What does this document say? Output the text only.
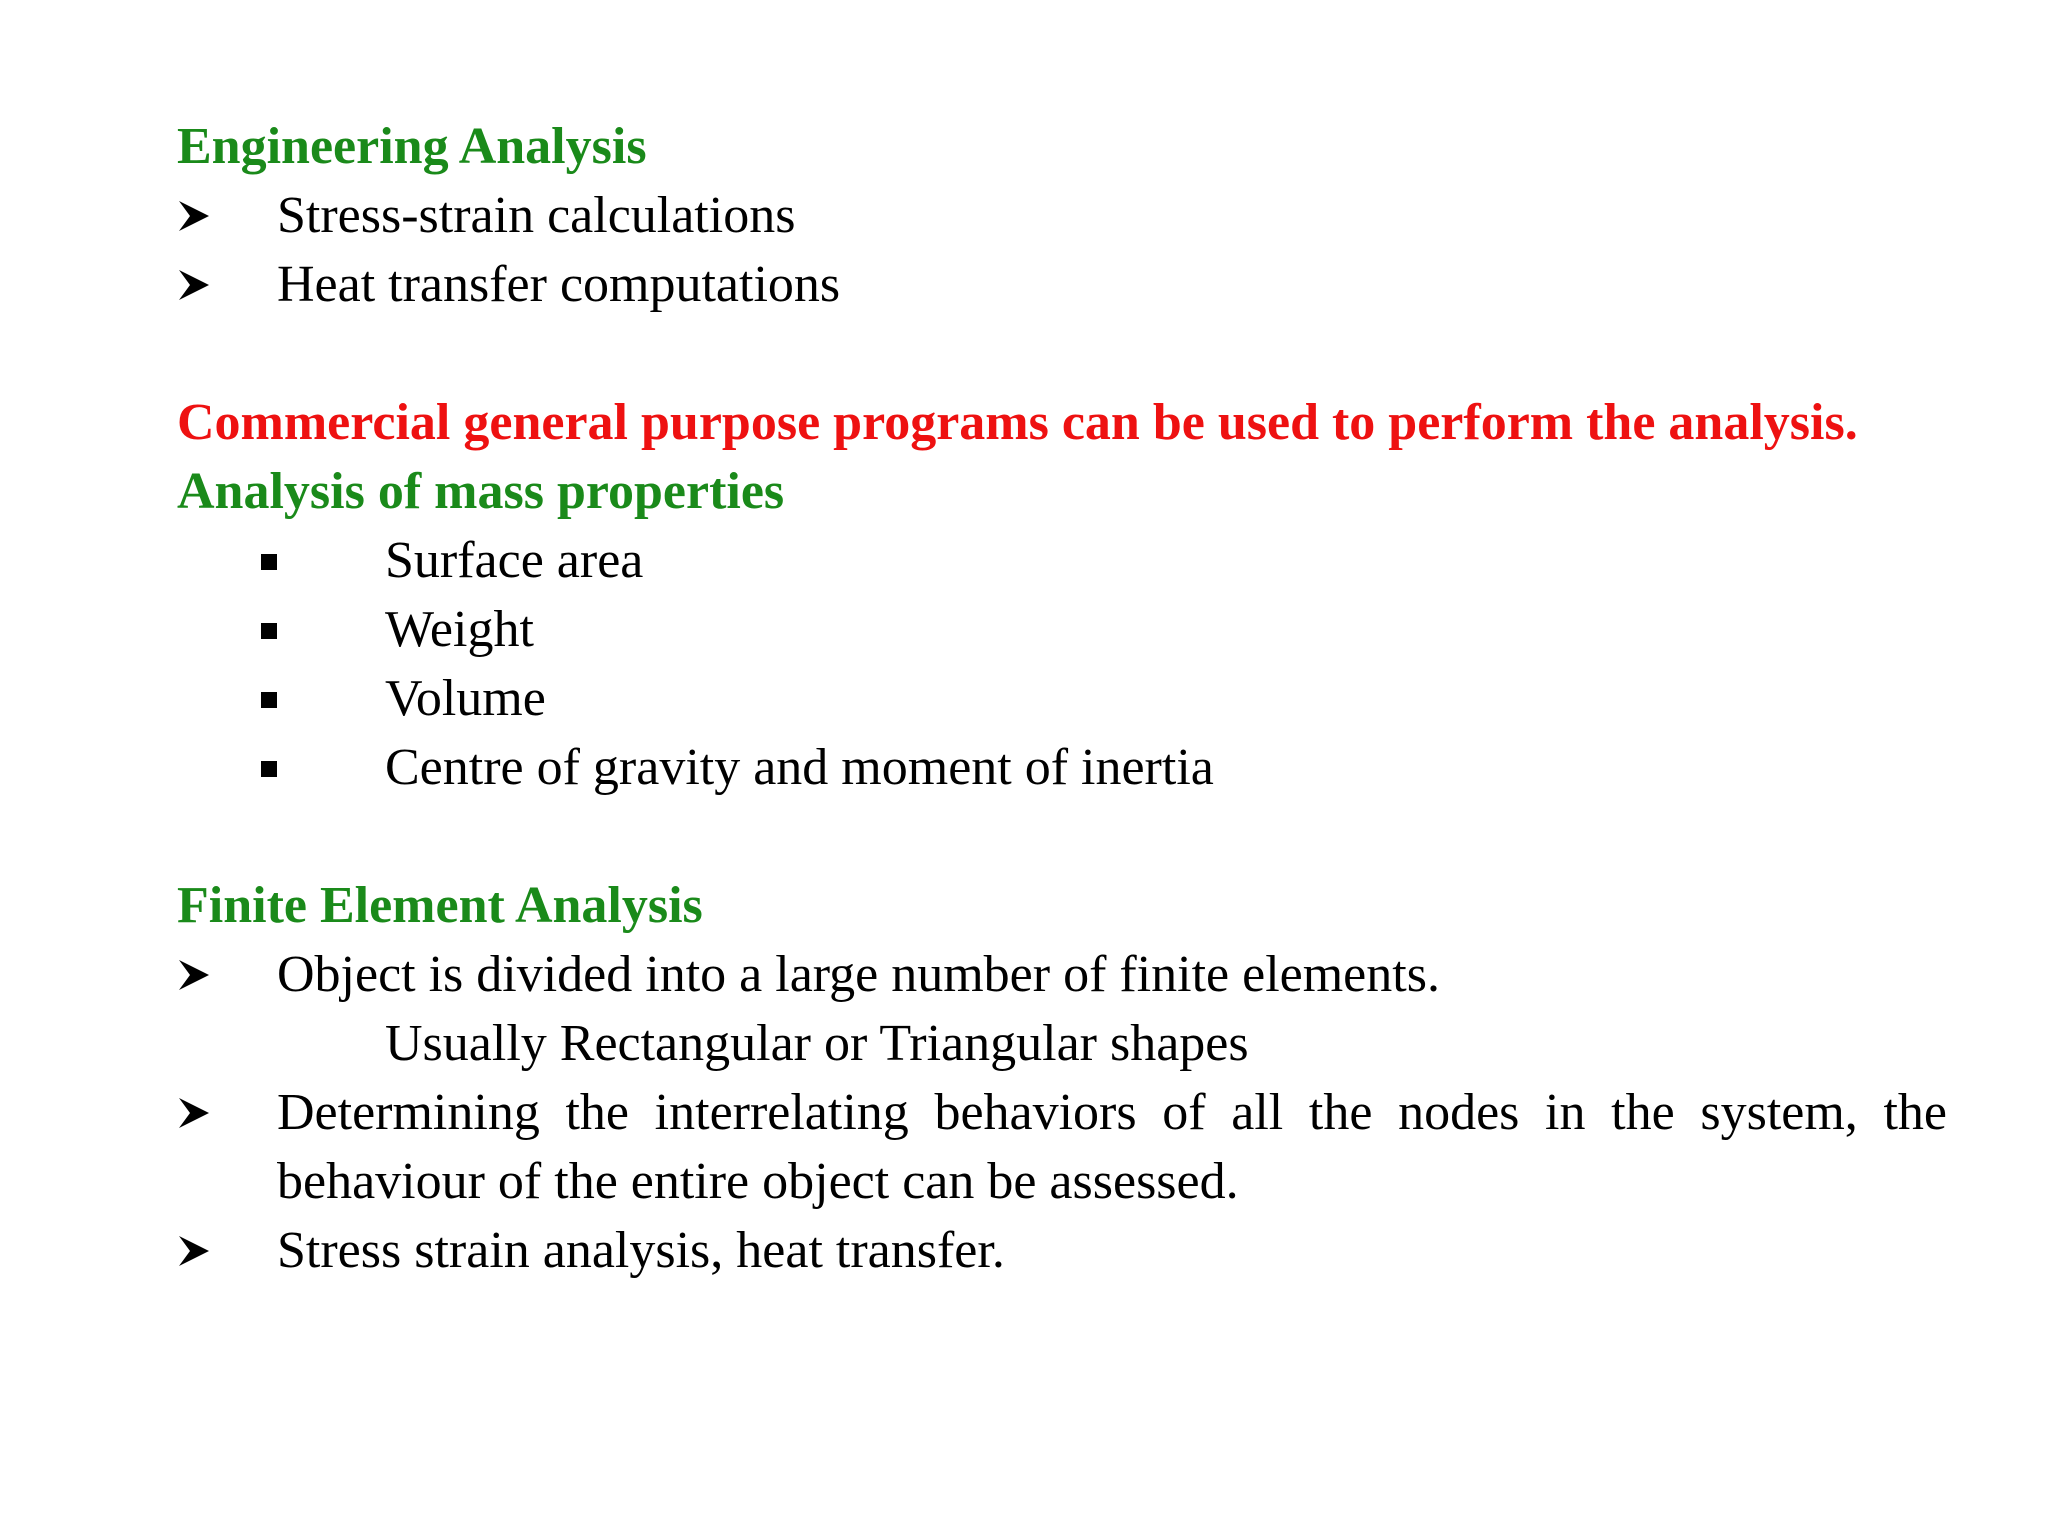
Engineering Analysis

Stress-strain calculations
Heat transfer computations

Commercial general purpose programs can be used to perform the analysis.

Analysis of mass properties

Surface area
Weight
Volume
Centre of gravity and moment of inertia

Finite Element Analysis

Object is divided into a large number of finite elements.

Usually Rectangular or Triangular shapes

Determining the interrelating behaviors of all the nodes in the system, the behaviour of the entire object can be assessed.
Stress strain analysis, heat transfer.
